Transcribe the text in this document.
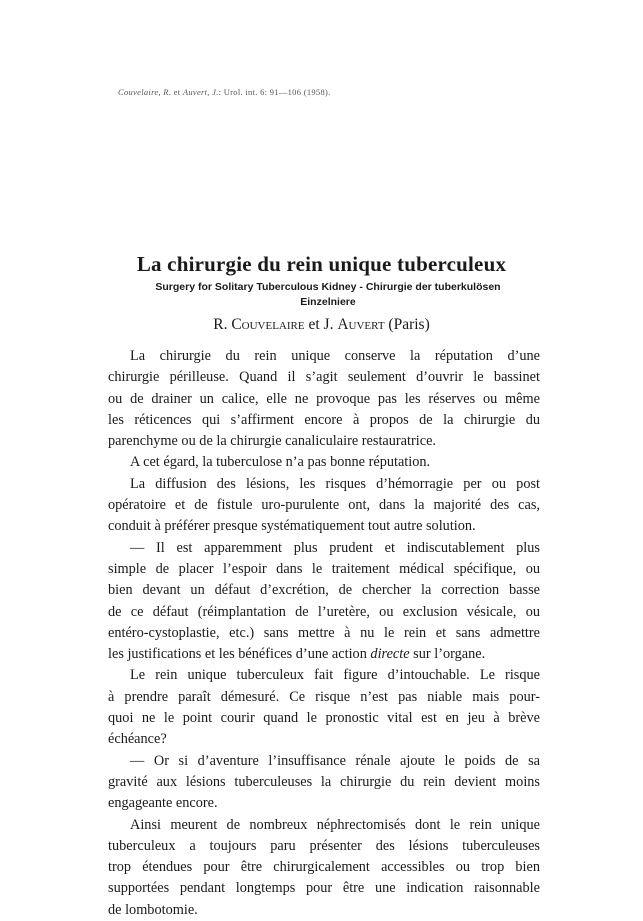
Couvelaire, R. et Auvert, J.: Urol. int. 6: 91—106 (1958).
La chirurgie du rein unique tuberculeux
Surgery for Solitary Tuberculous Kidney - Chirurgie der tuberkulösen
Einzelniere
R. Couvelaire et J. Auvert (Paris)
La chirurgie du rein unique conserve la réputation d’une
chirurgie périlleuse. Quand il s’agit seulement d’ouvrir le bassinet
ou de drainer un calice, elle ne provoque pas les réserves ou même
les réticences qui s’affirment encore à propos de la chirurgie du
parenchyme ou de la chirurgie canaliculaire restauratrice.
A cet égard, la tuberculose n’a pas bonne réputation.
La diffusion des lésions, les risques d’hémorragie per ou post
opératoire et de fistule uro-purulente ont, dans la majorité des cas,
conduit à préférer presque systématiquement tout autre solution.
— Il est apparemment plus prudent et indiscutablement plus
simple de placer l’espoir dans le traitement médical spécifique, ou
bien devant un défaut d’excrétion, de chercher la correction basse
de ce défaut (réimplantation de l’uretère, ou exclusion vésicale, ou
entéro-cystoplastie, etc.) sans mettre à nu le rein et sans admettre
les justifications et les bénéfices d’une action directe sur l’organe.
Le rein unique tuberculeux fait figure d’intouchable. Le risque
à prendre paraît démesuré. Ce risque n’est pas niable mais pour-
quoi ne le point courir quand le pronostic vital est en jeu à brève
échéance?
— Or si d’aventure l’insuffisance rénale ajoute le poids de sa
gravité aux lésions tuberculeuses la chirurgie du rein devient moins
engageante encore.
Ainsi meurent de nombreux néphrectomisés dont le rein unique
tuberculeux a toujours paru présenter des lésions tuberculeuses
trop étendues pour être chirurgicalement accessibles ou trop bien
supportées pendant longtemps pour être une indication raisonnable
de lombotomie.
